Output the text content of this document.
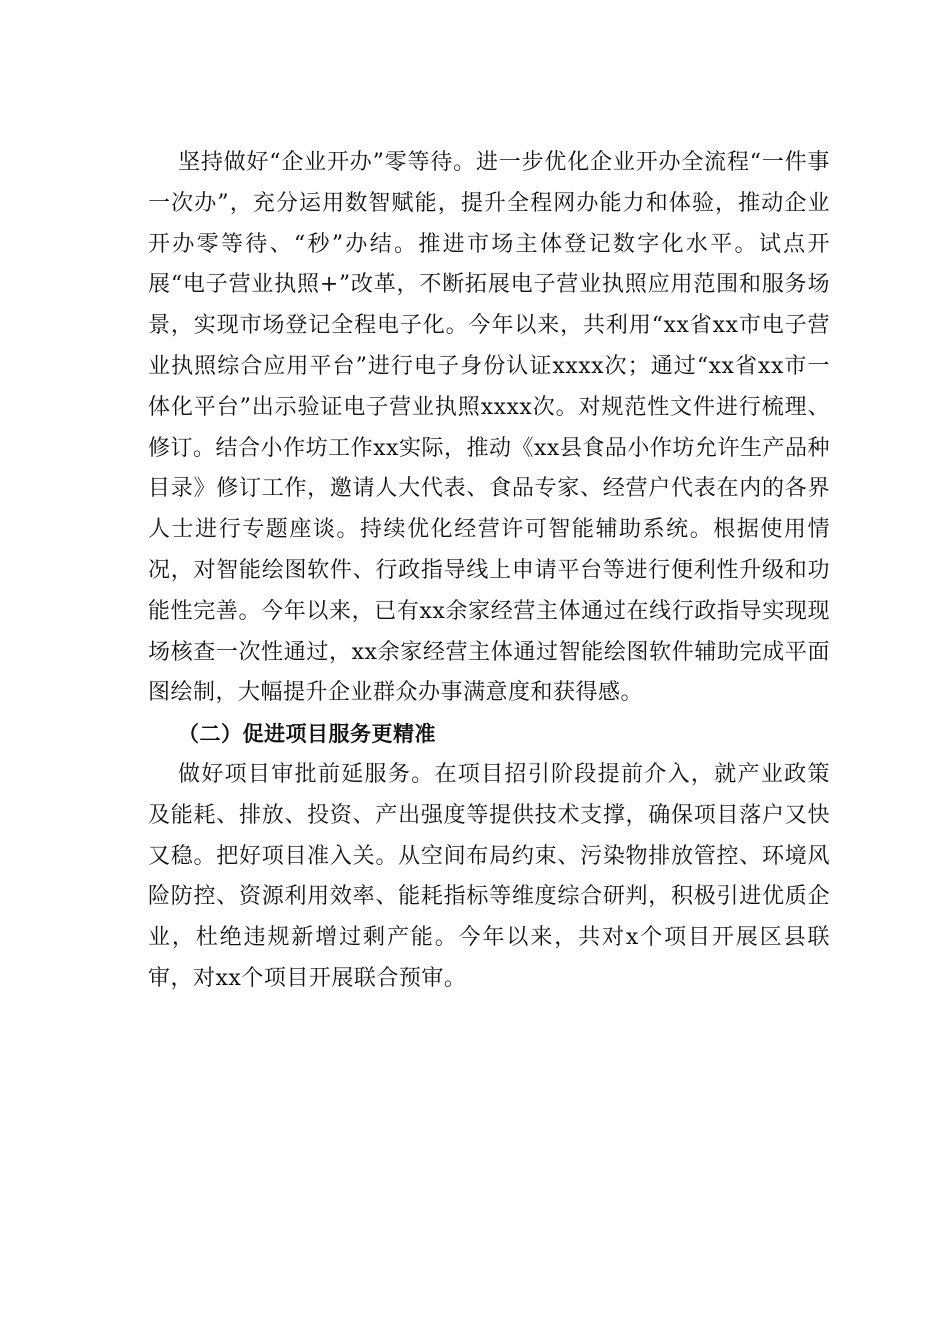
坚持做好“企业开办”零等待。进一步优化企业开办全流程“一件事一次办”，充分运用数智赋能，提升全程网办能力和体验，推动企业开办零等待、“秒”办结。推进市场主体登记数字化水平。试点开展“电子营业执照+”改革，不断拓展电子营业执照应用范围和服务场景，实现市场登记全程电子化。今年以来，共利用“xx省xx市电子营业执照综合应用平台”进行电子身份认证xxxx次；通过“xx省xx市一体化平台”出示验证电子营业执照xxxx次。对规范性文件进行梳理、修订。结合小作坊工作xx实际，推动《xx县食品小作坊允许生产品种目录》修订工作，邀请人大代表、食品专家、经营户代表在内的各界人士进行专题座谈。持续优化经营许可智能辅助系统。根据使用情况，对智能绘图软件、行政指导线上申请平台等进行便利性升级和功能性完善。今年以来，已有xx余家经营主体通过在线行政指导实现现场核查一次性通过，xx余家经营主体通过智能绘图软件辅助完成平面图绘制，大幅提升企业群众办事满意度和获得感。

（二）促进项目服务更精准

做好项目审批前延服务。在项目招引阶段提前介入，就产业政策及能耗、排放、投资、产出强度等提供技术支撑，确保项目落户又快又稳。把好项目准入关。从空间布局约束、污染物排放管控、环境风险防控、资源利用效率、能耗指标等维度综合研判，积极引进优质企业，杜绝违规新增过剩产能。今年以来，共对x个项目开展区县联审，对xx个项目开展联合预审。
